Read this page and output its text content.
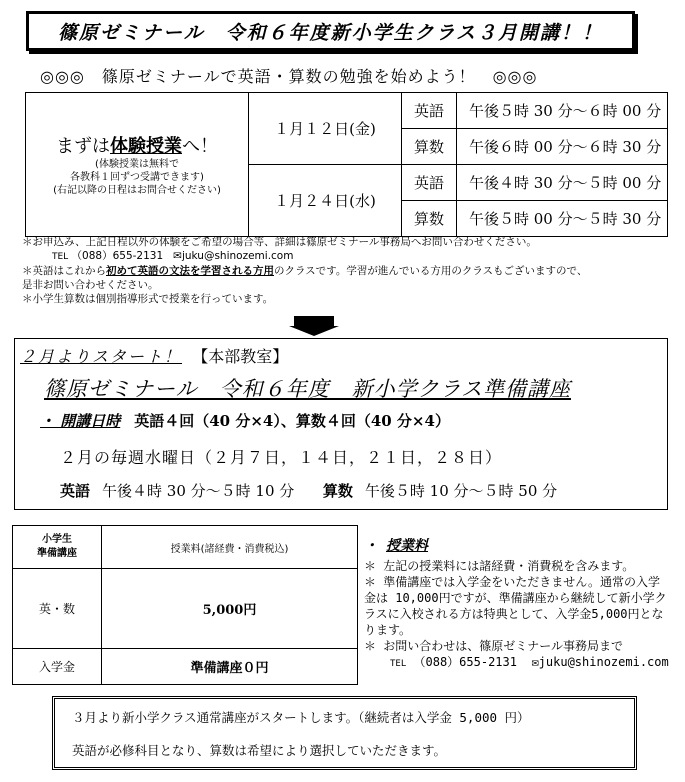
篠原ゼミナール　令和６年度新小学生クラス３月開講！！
◎◎◎　篠原ゼミナールで英語・算数の勉強を始めよう！　◎◎◎
まずは体験授業へ！
(体験授業は無料で
各教科１回ずつ受講できます)
(右記以降の日程はお問合せください)	１月１２日(金)	英語	午後５時 30 分～６時 00 分
		算数	午後６時 00 分～６時 30 分
	１月２４日(水)	英語	午後４時 30 分～５時 00 分
		算数	午後５時 00 分～５時 30 分
＊お申込み、上記日程以外の体験をご希望の場合等、詳細は篠原ゼミナール事務局へお問い合わせください。
TEL （088）655-2131 ✉juku@shinozemi.com
＊英語はこれから初めて英語の文法を学習される方用のクラスです。学習が進んでいる方用のクラスもございますので、
是非お問い合わせください。
＊小学生算数は個別指導形式で授業を行っています。
２月よりスタート！ 【本部教室】
篠原ゼミナール　令和６年度　新小学クラス準備講座
・ 開講日時 英語４回（40 分×4）、算数４回（40 分×4）
２月の毎週水曜日（２月７日，１４日，２１日，２８日）
英語 午後４時 30 分～５時 10 分 算数 午後５時 10 分～５時 50 分
小学生
準備講座	授業料(諸経費・消費税込)
英・数	5,000円
入学金	準備講座０円
・ 授業料
＊ 左記の授業料には諸経費・消費税を含みます。
＊ 準備講座では入学金をいただきません。通常の入学金は 10,000円ですが、準備講座から継続して新小学クラスに入校される方は特典として、入学金5,000円となります。
＊ お問い合わせは、篠原ゼミナール事務局まで
TEL （088）655-2131 ✉juku@shinozemi.com
３月より新小学クラス通常講座がスタートします。（継続者は入学金 5,000 円）
英語が必修科目となり、算数は希望により選択していただきます。
